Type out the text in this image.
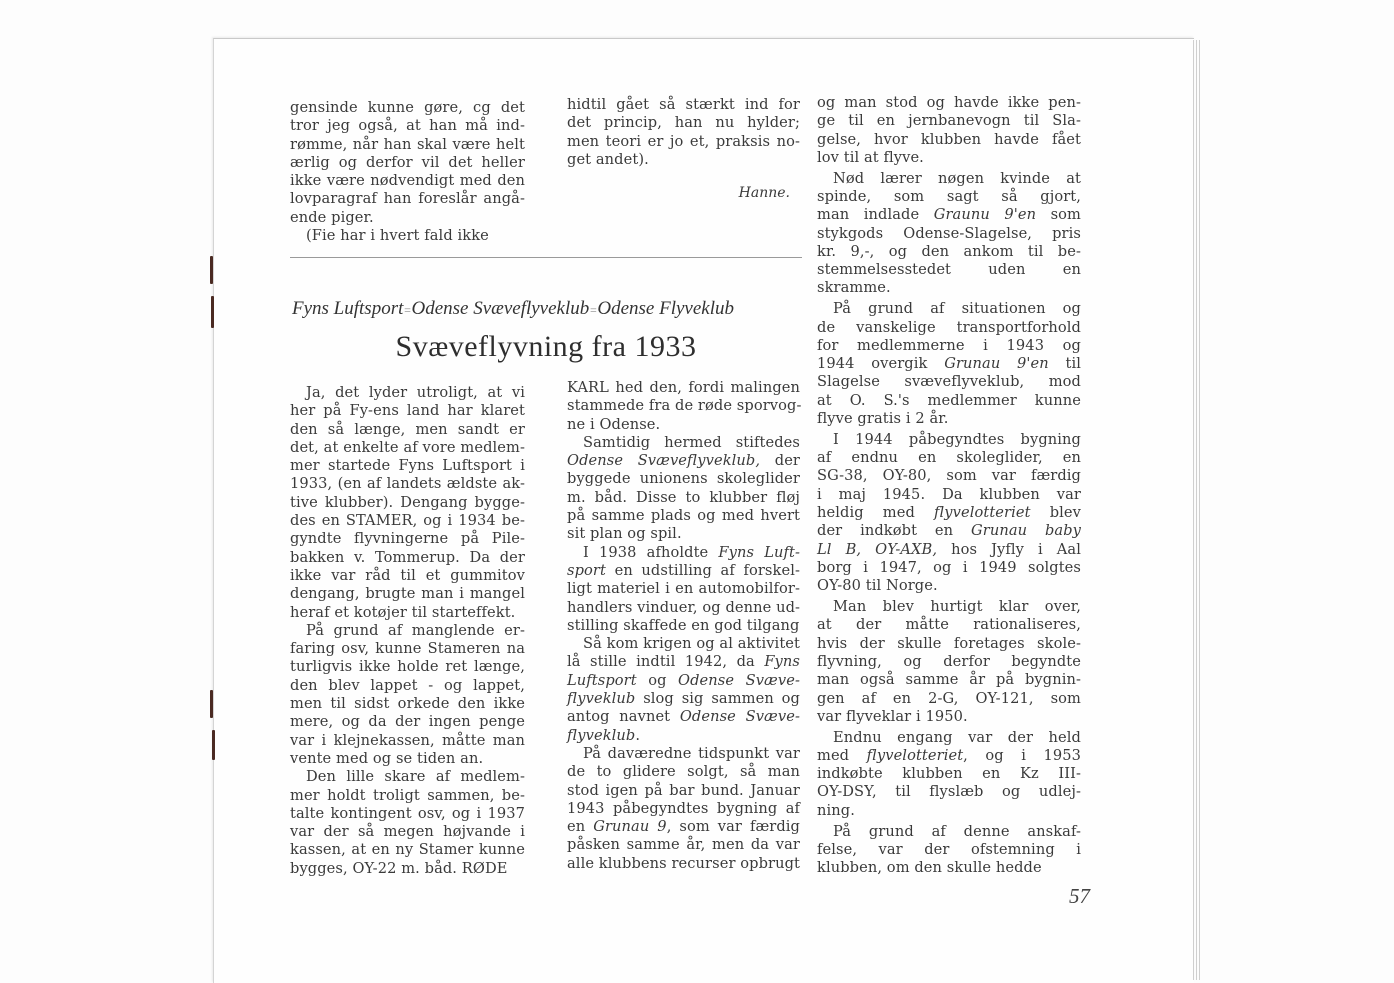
gensinde kunne gøre, cg det
tror jeg også, at han må ind-
rømme, når han skal være helt
ærlig og derfor vil det heller
ikke være nødvendigt med den
lovparagraf han foreslår angå-
ende piger.
(Fie har i hvert fald ikke
hidtil gået så stærkt ind for
det princip, han nu hylder;
men teori er jo et, praksis no-
get andet).
Hanne.
Fyns Luftsport=Odense Svæveflyveklub=Odense Flyveklub
Svæveflyvning fra 1933
Ja, det lyder utroligt, at vi
her på Fy-ens land har klaret
den så længe, men sandt er
det, at enkelte af vore medlem-
mer startede Fyns Luftsport i
1933, (en af landets ældste ak-
tive klubber). Dengang bygge-
des en STAMER, og i 1934 be-
gyndte flyvningerne på Pile-
bakken v. Tommerup. Da der
ikke var råd til et gummitov
dengang, brugte man i mangel
heraf et kotøjer til starteffekt.
På grund af manglende er-
faring osv, kunne Stameren na
turligvis ikke holde ret længe,
den blev lappet - og lappet,
men til sidst orkede den ikke
mere, og da der ingen penge
var i klejnekassen, måtte man
vente med og se tiden an.
Den lille skare af medlem-
mer holdt troligt sammen, be-
talte kontingent osv, og i 1937
var der så megen højvande i
kassen, at en ny Stamer kunne
bygges, OY-22 m. båd. RØDE
KARL hed den, fordi malingen
stammede fra de røde sporvog-
ne i Odense.
Samtidig hermed stiftedes
Odense Svæveflyveklub, der
byggede unionens skoleglider
m. båd. Disse to klubber fløj
på samme plads og med hvert
sit plan og spil.
I 1938 afholdte Fyns Luft-
sport en udstilling af forskel-
ligt materiel i en automobilfor-
handlers vinduer, og denne ud-
stilling skaffede en god tilgang
Så kom krigen og al aktivitet
lå stille indtil 1942, da Fyns
Luftsport og Odense Svæve-
flyveklub slog sig sammen og
antog navnet Odense Svæve-
flyveklub.
På daværedne tidspunkt var
de to glidere solgt, så man
stod igen på bar bund. Januar
1943 påbegyndtes bygning af
en Grunau 9, som var færdig
påsken samme år, men da var
alle klubbens recurser opbrugt
og man stod og havde ikke pen-
ge til en jernbanevogn til Sla-
gelse, hvor klubben havde fået
lov til at flyve.
Nød lærer nøgen kvinde at
spinde, som sagt så gjort,
man indlade Graunu 9'en som
stykgods Odense-Slagelse, pris
kr. 9,-, og den ankom til be-
stemmelsesstedet uden en
skramme.
På grund af situationen og
de vanskelige transportforhold
for medlemmerne i 1943 og
1944 overgik Grunau 9'en til
Slagelse svæveflyveklub, mod
at O. S.'s medlemmer kunne
flyve gratis i 2 år.
I 1944 påbegyndtes bygning
af endnu en skoleglider, en
SG-38, OY-80, som var færdig
i maj 1945. Da klubben var
heldig med flyvelotteriet blev
der indkøbt en Grunau baby
Ll B, OY-AXB, hos Jyfly i Aal
borg i 1947, og i 1949 solgtes
OY-80 til Norge.
Man blev hurtigt klar over,
at der måtte rationaliseres,
hvis der skulle foretages skole-
flyvning, og derfor begyndte
man også samme år på bygnin-
gen af en 2-G, OY-121, som
var flyveklar i 1950.
Endnu engang var der held
med flyvelotteriet, og i 1953
indkøbte klubben en Kz III-
OY-DSY, til flyslæb og udlej-
ning.
På grund af denne anskaf-
felse, var der ofstemning i
klubben, om den skulle hedde
57
